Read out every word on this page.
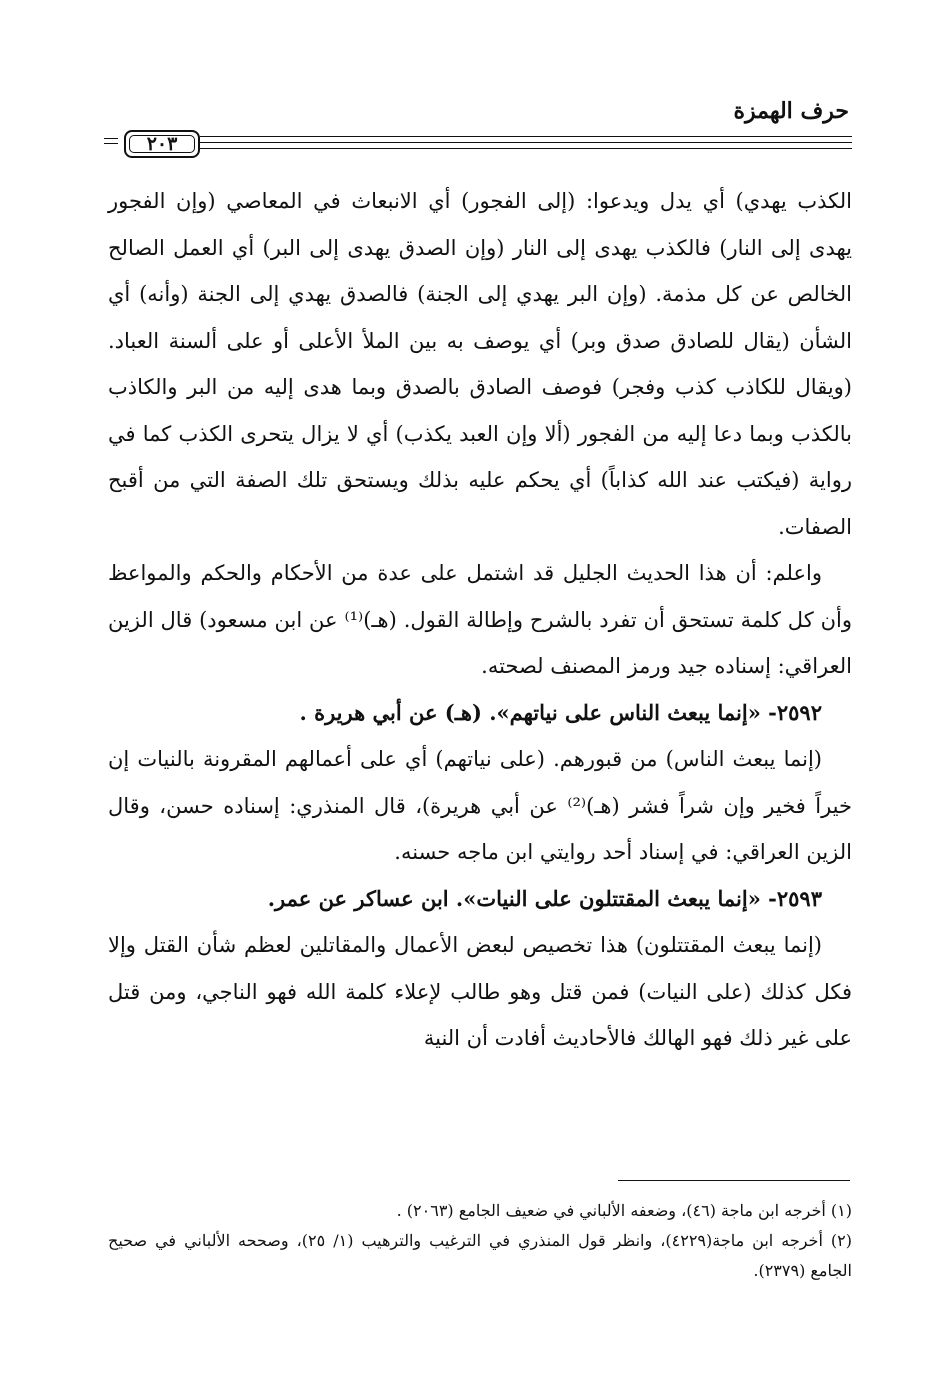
حرف الهمزة
٢٠٣

الكذب يهدي) أي يدل ويدعوا: (إلى الفجور) أي الانبعاث في المعاصي (وإن الفجور يهدى إلى النار) فالكذب يهدى إلى النار (وإن الصدق يهدى إلى البر) أي العمل الصالح الخالص عن كل مذمة. (وإن البر يهدي إلى الجنة) فالصدق يهدي إلى الجنة (وأنه) أي الشأن (يقال للصادق صدق وبر) أي يوصف به بين الملأ الأعلى أو على ألسنة العباد. (ويقال للكاذب كذب وفجر) فوصف الصادق بالصدق وبما هدى إليه من البر والكاذب بالكذب وبما دعا إليه من الفجور (ألا وإن العبد يكذب) أي لا يزال يتحرى الكذب كما في رواية (فيكتب عند الله كذاباً) أي يحكم عليه بذلك ويستحق تلك الصفة التي من أقبح الصفات.

واعلم: أن هذا الحديث الجليل قد اشتمل على عدة من الأحكام والحكم والمواعظ وأن كل كلمة تستحق أن تفرد بالشرح وإطالة القول. (هـ)⁽¹⁾ عن ابن مسعود) قال الزين العراقي: إسناده جيد ورمز المصنف لصحته.

٢٥٩٢- «إنما يبعث الناس على نياتهم». (هـ) عن أبي هريرة .

(إنما يبعث الناس) من قبورهم. (على نياتهم) أي على أعمالهم المقرونة بالنيات إن خيراً فخير وإن شراً فشر (هـ)⁽²⁾ عن أبي هريرة)، قال المنذري: إسناده حسن، وقال الزين العراقي: في إسناد أحد روايتي ابن ماجه حسنه.

٢٥٩٣- «إنما يبعث المقتتلون على النيات». ابن عساكر عن عمر.

(إنما يبعث المقتتلون) هذا تخصيص لبعض الأعمال والمقاتلين لعظم شأن القتل وإلا فكل كذلك (على النيات) فمن قتل وهو طالب لإعلاء كلمة الله فهو الناجي، ومن قتل على غير ذلك فهو الهالك فالأحاديث أفادت أن النية

(١) أخرجه ابن ماجة (٤٦)، وضعفه الألباني في ضعيف الجامع (٢٠٦٣) .

(٢) أخرجه ابن ماجة(٤٢٢٩)، وانظر قول المنذري في الترغيب والترهيب (١/ ٢٥)، وصححه الألباني في صحيح الجامع (٢٣٧٩).
